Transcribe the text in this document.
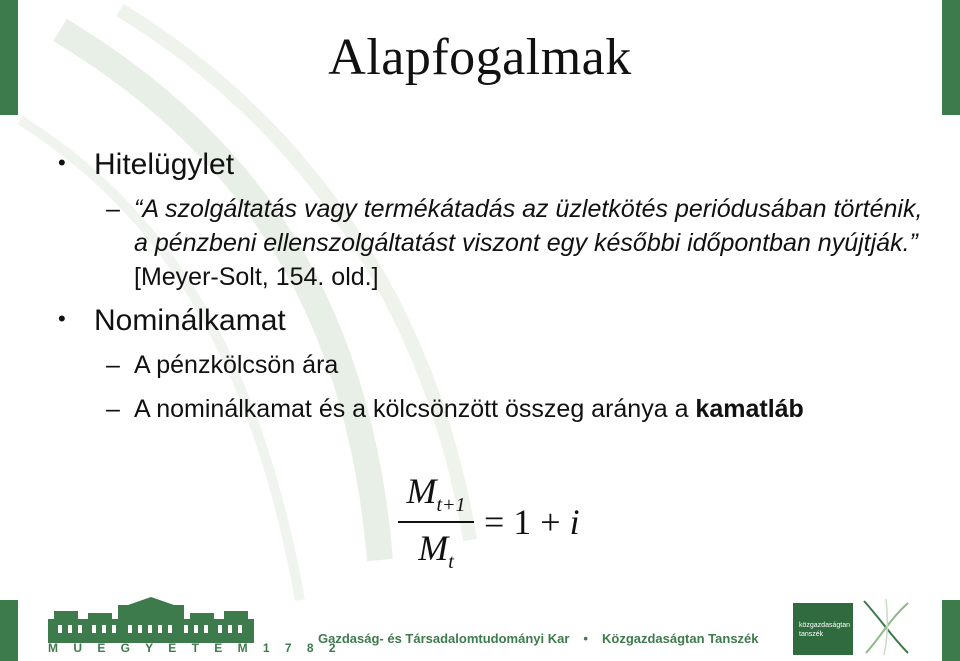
Alapfogalmak
• Hitelügylet
– “A szolgáltatás vagy termékátadás az üzletkötés periódusában történik, a pénzbeni ellenszolgáltatást viszont egy későbbi időpontban nyújtják.” [Meyer-Solt, 154. old.]
• Nominálkamat
– A pénzkölcsön ára
– A nominálkamat és a kölcsönzött összeg aránya a kamatláb
$\frac{M_{t+1}}{M_t} = 1 + i$
M Ű E G Y E T E M 1 7 8 2
Gazdaság- és Társadalomtudományi Kar • Közgazdaságtan Tanszék
közgazdaságtan tanszék
